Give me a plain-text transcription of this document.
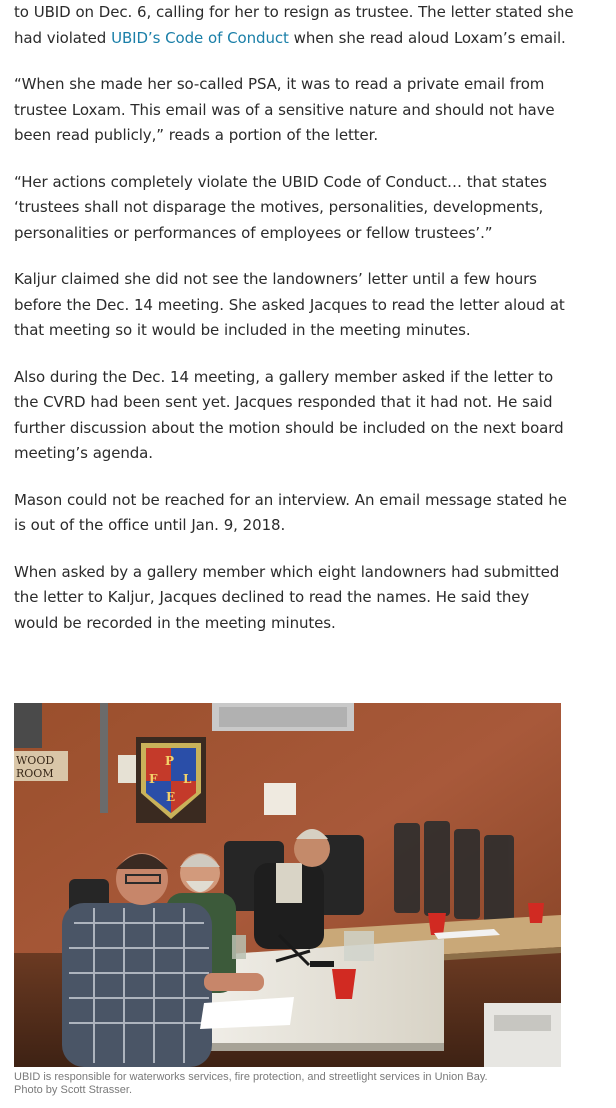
to UBID on Dec. 6, calling for her to resign as trustee. The letter stated she had violated UBID’s Code of Conduct when she read aloud Loxam’s email.

“When she made her so-called PSA, it was to read a private email from trustee Loxam. This email was of a sensitive nature and should not have been read publicly,” reads a portion of the letter.

“Her actions completely violate the UBID Code of Conduct… that states ‘trustees shall not disparage the motives, personalities, developments, personalities or performances of employees or fellow trustees’.”

Kaljur claimed she did not see the landowners’ letter until a few hours before the Dec. 14 meeting. She asked Jacques to read the letter aloud at that meeting so it would be included in the meeting minutes.

Also during the Dec. 14 meeting, a gallery member asked if the letter to the CVRD had been sent yet. Jacques responded that it had not. He said further discussion about the motion should be included on the next board meeting’s agenda.

Mason could not be reached for an interview. An email message stated he is out of the office until Jan. 9, 2018.

When asked by a gallery member which eight landowners had submitted the letter to Kaljur, Jacques declined to read the names. He said they would be recorded in the meeting minutes.

WOOD
ROOM
P
F L
E
UBID is responsible for waterworks services, fire protection, and streetlight services in Union Bay.
Photo by Scott Strasser.
